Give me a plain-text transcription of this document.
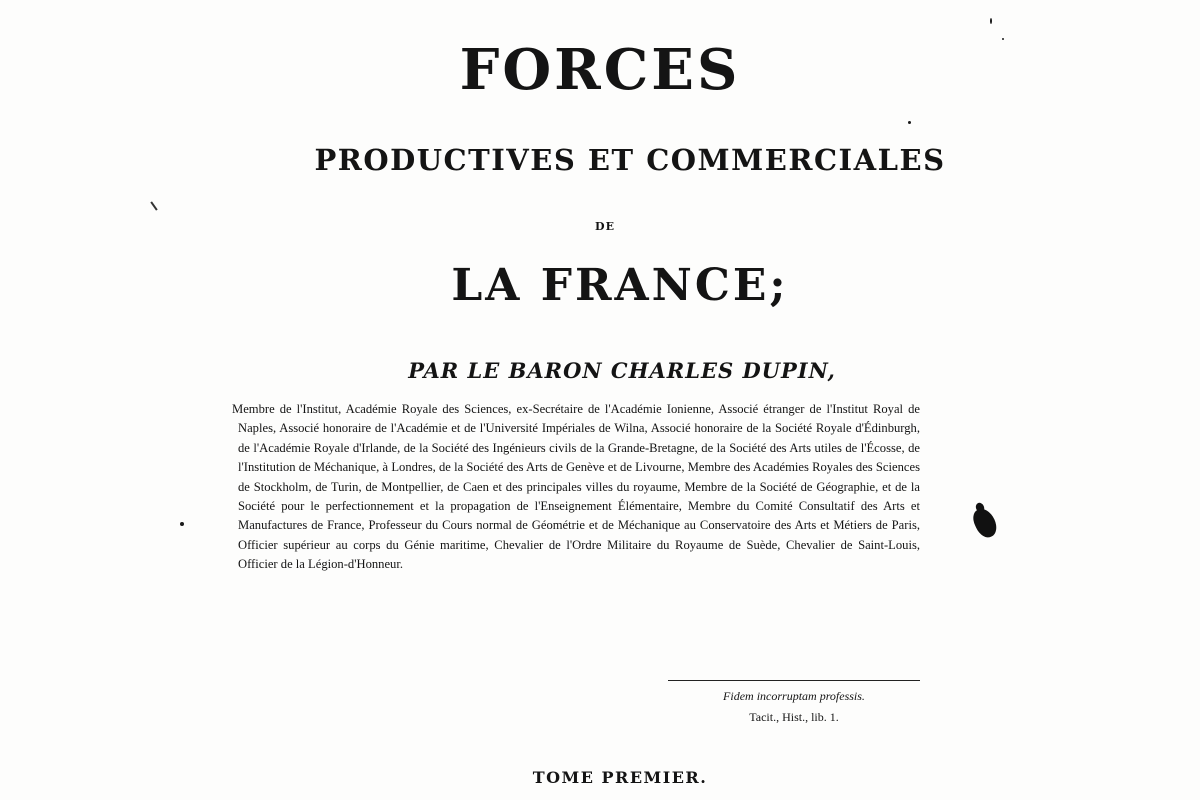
FORCES
PRODUCTIVES ET COMMERCIALES
DE
LA FRANCE;
PAR LE BARON CHARLES DUPIN,

Membre de l'Institut, Académie Royale des Sciences, ex-Secrétaire de l'Académie Ionienne, Associé étranger de l'Institut Royal de Naples, Associé honoraire de l'Académie et de l'Université Impériales de Wilna, Associé honoraire de la Société Royale d'Édinburgh, de l'Académie Royale d'Irlande, de la Société des Ingénieurs civils de la Grande-Bretagne, de la Société des Arts utiles de l'Écosse, de l'Institution de Méchanique, à Londres, de la Société des Arts de Genève et de Livourne, Membre des Académies Royales des Sciences de Stockholm, de Turin, de Montpellier, de Caen et des principales villes du royaume, Membre de la Société de Géographie, et de la Société pour le perfectionnement et la propagation de l'Enseignement Élémentaire, Membre du Comité Consultatif des Arts et Manufactures de France, Professeur du Cours normal de Géométrie et de Méchanique au Conservatoire des Arts et Métiers de Paris, Officier supérieur au corps du Génie maritime, Chevalier de l'Ordre Militaire du Royaume de Suède, Chevalier de Saint-Louis, Officier de la Légion-d'Honneur.

Fidem incorruptam professis.
Tacit., Hist., lib. 1.
TOME PREMIER.
